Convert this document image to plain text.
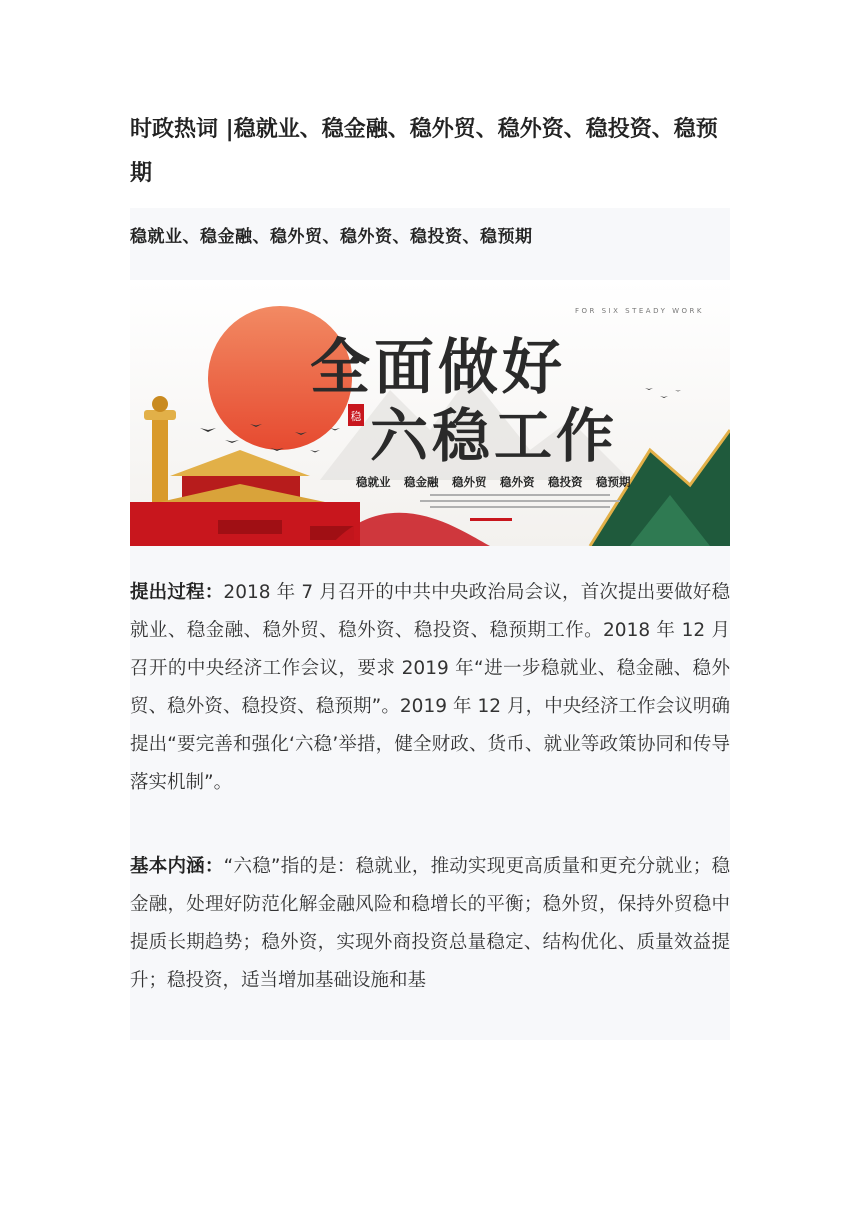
时政热词 |稳就业、稳金融、稳外贸、稳外资、稳投资、稳预期

稳就业、稳金融、稳外贸、稳外资、稳投资、稳预期

FOR SIX STEADY WORK
全面做好
六稳工作
稳
稳就业 稳金融 稳外贸 稳外资 稳投资 稳预期

提出过程：2018 年 7 月召开的中共中央政治局会议，首次提出要做好稳就业、稳金融、稳外贸、稳外资、稳投资、稳预期工作。2018 年 12 月召开的中央经济工作会议，要求 2019 年“进一步稳就业、稳金融、稳外贸、稳外资、稳投资、稳预期”。2019 年 12 月，中央经济工作会议明确提出“要完善和强化‘六稳’举措，健全财政、货币、就业等政策协同和传导落实机制”。

基本内涵：“六稳”指的是：稳就业，推动实现更高质量和更充分就业；稳金融，处理好防范化解金融风险和稳增长的平衡；稳外贸，保持外贸稳中提质长期趋势；稳外资，实现外商投资总量稳定、结构优化、质量效益提升；稳投资，适当增加基础设施和基
